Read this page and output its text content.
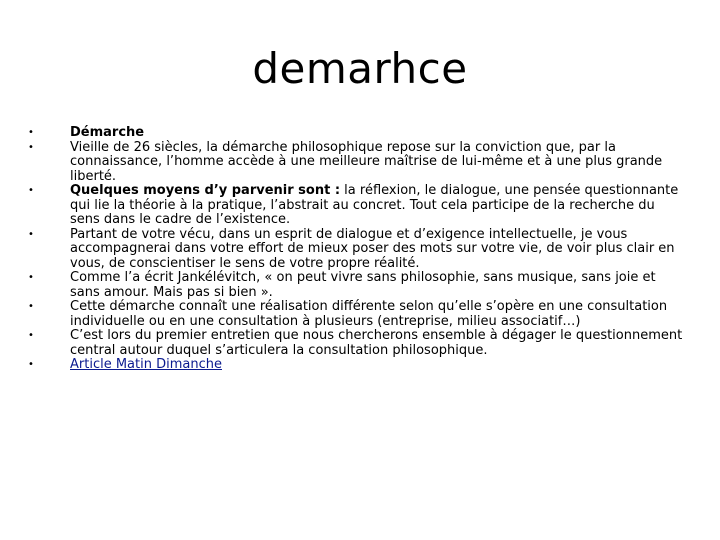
demarhce
•	Démarche
•	Vieille de 26 siècles, la démarche philosophique repose sur la conviction que, par la connaissance, l’homme accède à une meilleure maîtrise de lui-même et à une plus grande liberté.
•	Quelques moyens d’y parvenir sont : la réflexion, le dialogue, une pensée questionnante qui lie la théorie à la pratique, l’abstrait au concret. Tout cela participe de la recherche du sens dans le cadre de l’existence.
•	Partant de votre vécu, dans un esprit de dialogue et d’exigence intellectuelle, je vous accompagnerai dans votre effort de mieux poser des mots sur votre vie, de voir plus clair en vous, de conscientiser le sens de votre propre réalité.
•	Comme l’a écrit Jankélévitch, « on peut vivre sans philosophie, sans musique, sans joie et sans amour. Mais pas si bien ».
•	Cette démarche connaît une réalisation différente selon qu’elle s’opère en une consultation individuelle ou en une consultation à plusieurs (entreprise, milieu associatif…)
•	C’est lors du premier entretien que nous chercherons ensemble à dégager le questionnement central autour duquel s’articulera la consultation philosophique.
•	Article Matin Dimanche
